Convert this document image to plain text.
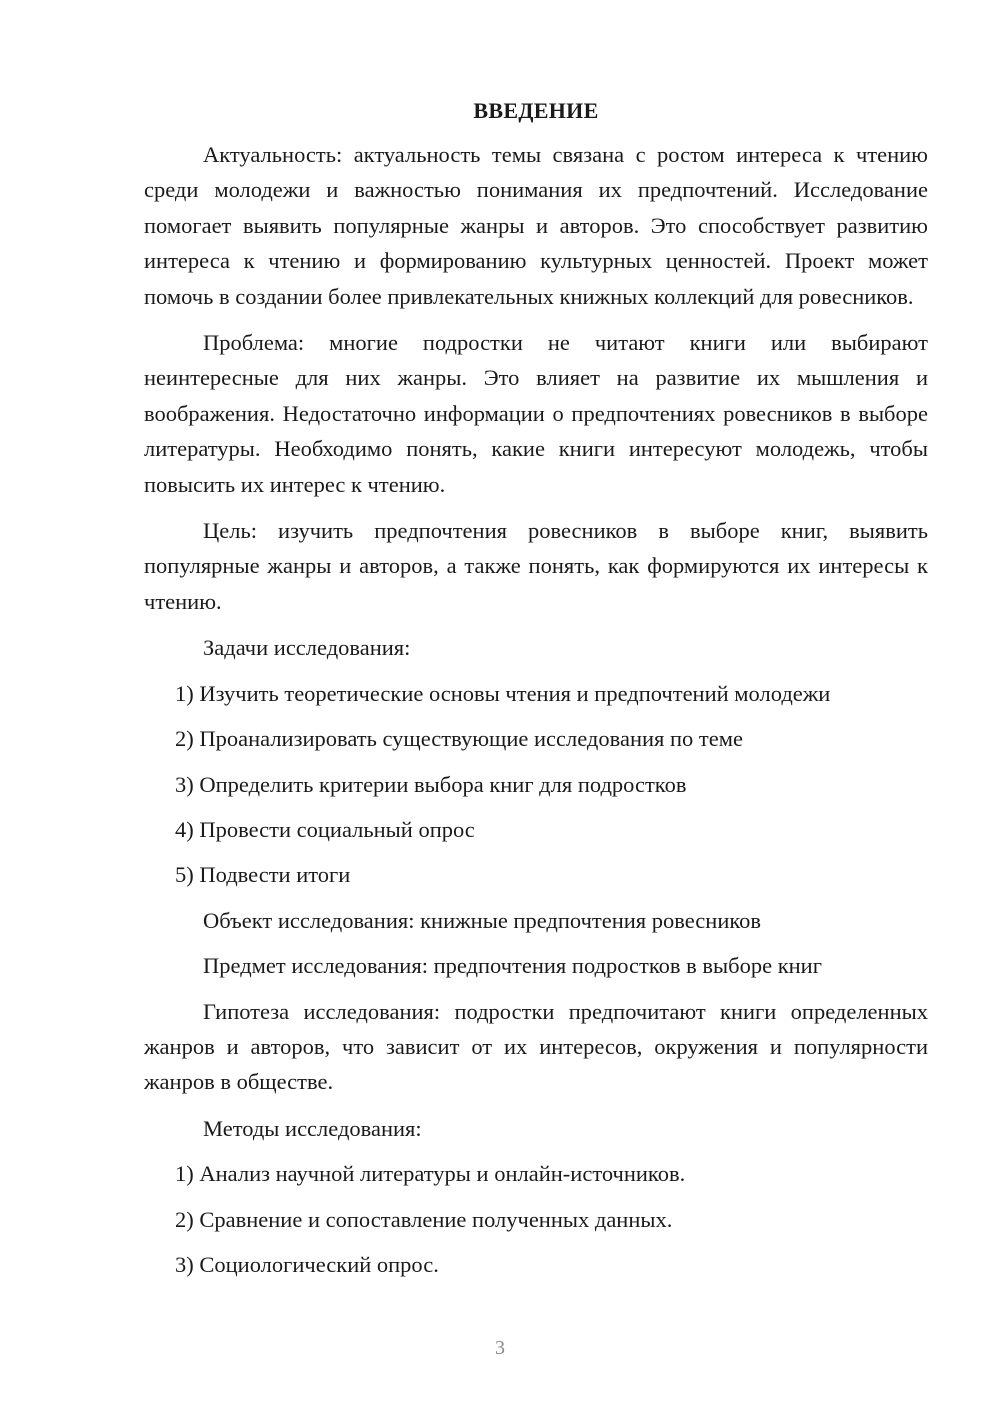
ВВЕДЕНИЕ

Актуальность: актуальность темы связана с ростом интереса к чтению среди молодежи и важностью понимания их предпочтений. Исследование помогает выявить популярные жанры и авторов. Это способствует развитию интереса к чтению и формированию культурных ценностей. Проект может помочь в создании более привлекательных книжных коллекций для ровесников.

Проблема: многие подростки не читают книги или выбирают неинтересные для них жанры. Это влияет на развитие их мышления и воображения. Недостаточно информации о предпочтениях ровесников в выборе литературы. Необходимо понять, какие книги интересуют молодежь, чтобы повысить их интерес к чтению.

Цель: изучить предпочтения ровесников в выборе книг, выявить популярные жанры и авторов, а также понять, как формируются их интересы к чтению.

Задачи исследования:
1) Изучить теоретические основы чтения и предпочтений молодежи
2) Проанализировать существующие исследования по теме
3) Определить критерии выбора книг для подростков
4) Провести социальный опрос
5) Подвести итоги
Объект исследования: книжные предпочтения ровесников
Предмет исследования: предпочтения подростков в выборе книг

Гипотеза исследования: подростки предпочитают книги определенных жанров и авторов, что зависит от их интересов, окружения и популярности жанров в обществе.

Методы исследования:
1) Анализ научной литературы и онлайн-источников.
2) Сравнение и сопоставление полученных данных.
3) Социологический опрос.
3
